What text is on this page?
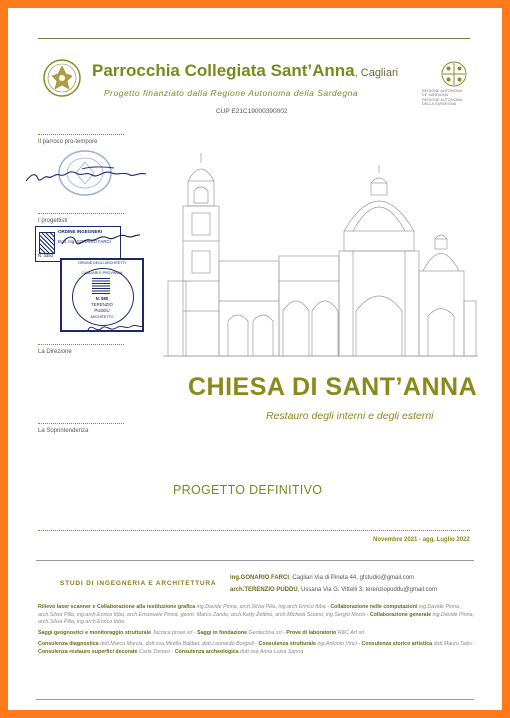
Parrocchia Collegiata Sant’Anna, Cagliari
Progetto finanziato dalla Regione Autonoma della Sardegna
CUP E21C19000390002
REGIONE AUTONOMA
DE SARDIGNA
REGIONE AUTONOMA
DELLA SARDEGNA
Il parroco pro-tempore
I progettisti
ORDINE INGEGNERI
Dott. Ing. GONARIO FARCI
N. 3393
ORDINE DEGLI ARCHITETTI
CAGLIARI E PROVINCIA
N. 580
TERENZIO
PUDDU
ARCHITETTO
La Direzione
La Soprintendenza
CHIESA DI SANT’ANNA
Restauro degli interni e degli esterni
PROGETTO DEFINITIVO
Novembre 2021 - agg. Luglio 2022
STUDI DI INGEGNERIA E ARCHITETTURA
ing.GONARIO FARCI, Cagliari Via di Pineta 44, gfstudio@gmail.com
arch.TERENZIO PUDDU, Ussana Via G. Vittelli 3, terenziopuddu@gmail.com

Rilievo laser scanner e Collaborazione alla restituzione grafica ing.Davide Pinna, arch.Silvia Pilia, ing.arch.Enrico Ibba - Collaborazione nelle computazioni ing.Davide Pinna, arch.Silvia Pilia, ing.arch.Enrico Ibba, arch.Emanuele Pinna, geom. Marco Zando, arch.Ketty Zettino, arch.Michela Sciano, ing.Sergio Mocci - Collaborazione generale ing.Davide Pinna, arch.Silvia Pilia, ing.arch.Enrico Ibba.

Saggi geognostici e monitoraggio strutturale Tecnica prove srl - Saggi in fondazione Geotechna srl - Prove di laboratorio R&C Art srl.

Consulenza diagnostica dott.Marco Marcia, dott.ssa Mirella Baldan, dott.Leonardo Borgioli - Consulenza strutturale ing.Antonio Vinci - Consulenza storico artistica dott.Mauro Salis - Consulenza restauro superfici decorate Carla Tomasi - Consulenza archeologica dott.ssa Anna Luisa Sanna
